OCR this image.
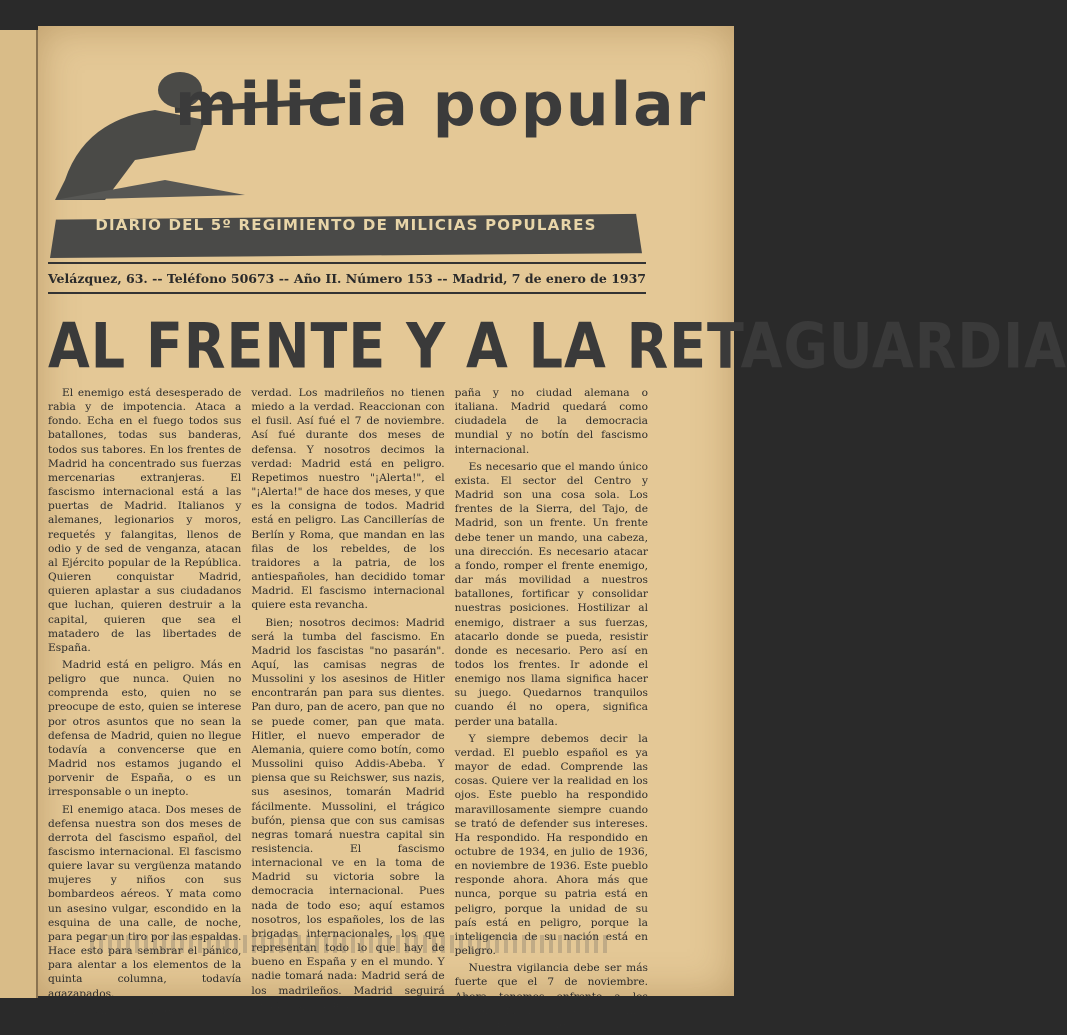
milicia popular
DIARIO DEL 5º REGIMIENTO DE MILICIAS POPULARES
Velázquez, 63. -- Teléfono 50673 -- Año II. Número 153 -- Madrid, 7 de enero de 1937
AL FRENTE Y A LA RETAGUARDIA

El enemigo está desesperado de rabia y de impotencia. Ataca a fondo. Echa en el fuego todos sus batallones, todas sus banderas, todos sus tabores. En los frentes de Madrid ha concentrado sus fuerzas mercenarias extranjeras. El fascismo internacional está a las puertas de Madrid. Italianos y alemanes, legionarios y moros, requetés y falangitas, llenos de odio y de sed de venganza, atacan al Ejército popular de la República. Quieren conquistar Madrid, quieren aplastar a sus ciudadanos que luchan, quieren destruir a la capital, quieren que sea el matadero de las libertades de España.

Madrid está en peligro. Más en peligro que nunca. Quien no comprenda esto, quien no se preocupe de esto, quien se interese por otros asuntos que no sean la defensa de Madrid, quien no llegue todavía a convencerse que en Madrid nos estamos jugando el porvenir de España, o es un irresponsable o un inepto.

El enemigo ataca. Dos meses de defensa nuestra son dos meses de derrota del fascismo español, del fascismo internacional. El fascismo quiere lavar su vergüenza matando mujeres y niños con sus bombardeos aéreos. Y mata como un asesino vulgar, escondido en la esquina de una calle, de noche, para pegar un tiro por las espaldas. Hace esto para sembrar el pánico, para alentar a los elementos de la quinta columna, todavía agazapados.

En escarnio de la verdad, toda la

verdad. Los madrileños no tienen miedo a la verdad. Reaccionan con el fusil. Así fué el 7 de noviembre. Así fué durante dos meses de defensa. Y nosotros decimos la verdad: Madrid está en peligro. Repetimos nuestro "¡Alerta!", el "¡Alerta!" de hace dos meses, y que es la consigna de todos. Madrid está en peligro. Las Cancillerías de Berlín y Roma, que mandan en las filas de los rebeldes, de los traidores a la patria, de los antiespañoles, han decidido tomar Madrid. El fascismo internacional quiere esta revancha.

Bien; nosotros decimos: Madrid será la tumba del fascismo. En Madrid los fascistas "no pasarán". Aquí, las camisas negras de Mussolini y los asesinos de Hitler encontrarán pan para sus dientes. Pan duro, pan de acero, pan que no se puede comer, pan que mata. Hitler, el nuevo emperador de Alemania, quiere como botín, como Mussolini quiso Addis-Abeba. Y piensa que su Reichswer, sus nazis, sus asesinos, tomarán Madrid fácilmente. Mussolini, el trágico bufón, piensa que con sus camisas negras tomará nuestra capital sin resistencia. El fascismo internacional ve en la toma de Madrid su victoria sobre la democracia internacional. Pues nada de todo eso; aquí estamos nosotros, los españoles, los de las brigadas internacionales, los que representan todo lo que hay de bueno en España y en el mundo. Y nadie tomará nada: Madrid será de los madrileños. Madrid seguirá siendo capital de Es-

paña y no ciudad alemana o italiana. Madrid quedará como ciudadela de la democracia mundial y no botín del fascismo internacional.

Es necesario que el mando único exista. El sector del Centro y Madrid son una cosa sola. Los frentes de la Sierra, del Tajo, de Madrid, son un frente. Un frente debe tener un mando, una cabeza, una dirección. Es necesario atacar a fondo, romper el frente enemigo, dar más movilidad a nuestros batallones, fortificar y consolidar nuestras posiciones. Hostilizar al enemigo, distraer a sus fuerzas, atacarlo donde se pueda, resistir donde es necesario. Pero así en todos los frentes. Ir adonde el enemigo nos llama significa hacer su juego. Quedarnos tranquilos cuando él no opera, significa perder una batalla.

Y siempre debemos decir la verdad. El pueblo español es ya mayor de edad. Comprende las cosas. Quiere ver la realidad en los ojos. Este pueblo ha respondido maravillosamente siempre cuando se trató de defender sus intereses. Ha respondido. Ha respondido en octubre de 1934, en julio de 1936, en noviembre de 1936. Este pueblo responde ahora. Ahora más que nunca, porque su patria está en peligro, porque la unidad de su país está en peligro, porque la inteligencia de su nación está en peligro.

Nuestra vigilancia debe ser más fuerte que el 7 de noviembre. Ahora tenemos enfrente a los hombres fascistas. Nosotros hemos aplastado moros y le-
